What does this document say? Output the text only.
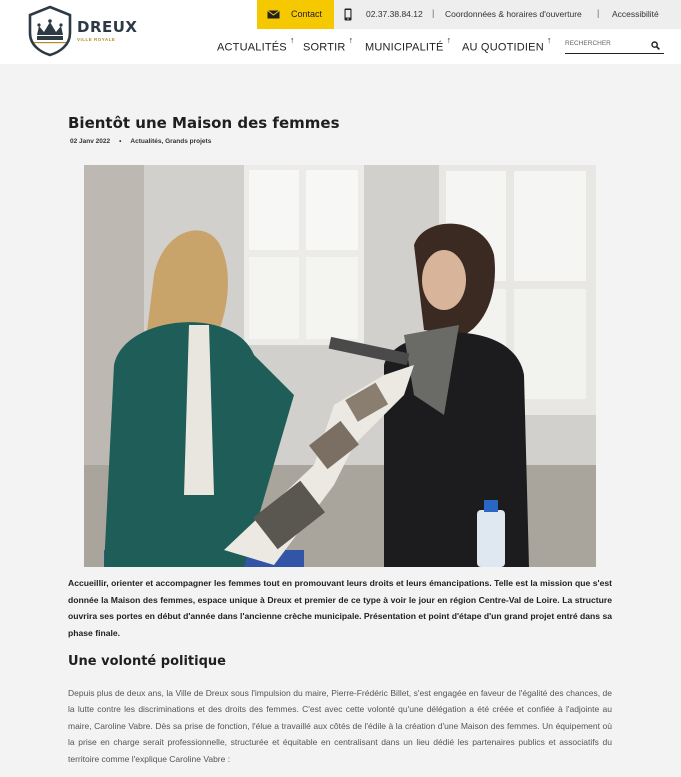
DREUX
VILLE ROYALE
Contact	02.37.38.84.12 | Coordonnées & horaires d'ouverture | Accessibilité
ACTUALITÉS↑
SORTIR↑
MUNICIPALITÉ↑
AU QUOTIDIEN↑
RECHERCHER
Bientôt une Maison des femmes
02 Janv 2022 • Actualités, Grands projets

Accueillir, orienter et accompagner les femmes tout en promouvant leurs droits et leurs émancipations. Telle est la mission que s'est donnée la Maison des femmes, espace unique à Dreux et premier de ce type à voir le jour en région Centre-Val de Loire. La structure ouvrira ses portes en début d'année dans l'ancienne crèche municipale. Présentation et point d'étape d'un grand projet entré dans sa phase finale.

Une volonté politique

Depuis plus de deux ans, la Ville de Dreux sous l'impulsion du maire, Pierre-Frédéric Billet, s'est engagée en faveur de l'égalité des chances, de la lutte contre les discriminations et des droits des femmes. C'est avec cette volonté qu'une délégation a été créée et confiée à l'adjointe au maire, Caroline Vabre. Dès sa prise de fonction, l'élue a travaillé aux côtés de l'édile à la création d'une Maison des femmes. Un équipement où la prise en charge serait professionnelle, structurée et équitable en centralisant dans un lieu dédié les partenaires publics et associatifs du territoire comme l'explique Caroline Vabre :
